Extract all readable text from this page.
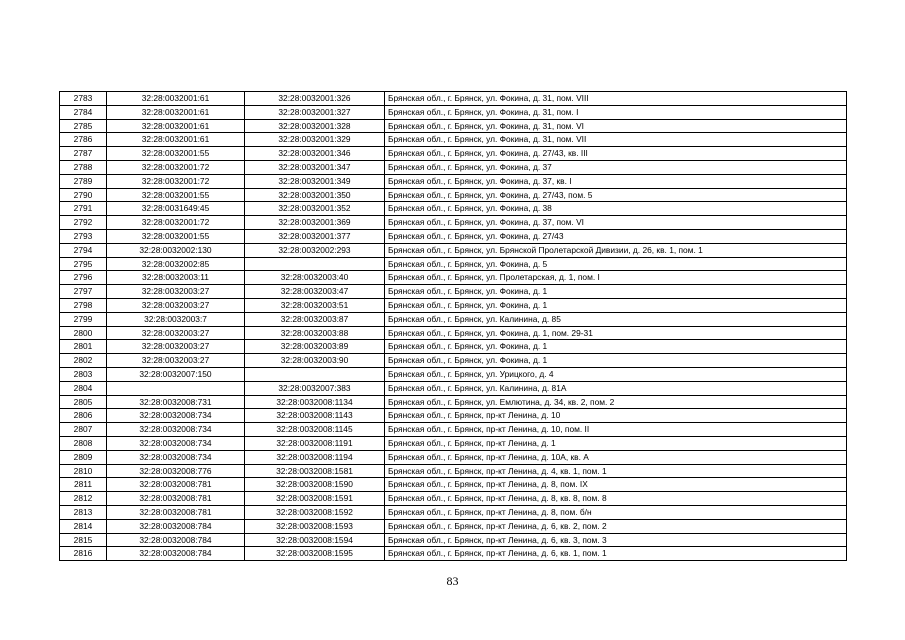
2783	32:28:0032001:61	32:28:0032001:326	Брянская обл., г. Брянск, ул. Фокина, д. 31, пом. VIII
2784	32:28:0032001:61	32:28:0032001:327	Брянская обл., г. Брянск, ул. Фокина, д. 31, пом. I
2785	32:28:0032001:61	32:28:0032001:328	Брянская обл., г. Брянск, ул. Фокина, д. 31, пом. VI
2786	32:28:0032001:61	32:28:0032001:329	Брянская обл., г. Брянск, ул. Фокина, д. 31, пом. VII
2787	32:28:0032001:55	32:28:0032001:346	Брянская обл., г. Брянск, ул. Фокина, д. 27/43, кв. III
2788	32:28:0032001:72	32:28:0032001:347	Брянская обл., г. Брянск, ул. Фокина, д. 37
2789	32:28:0032001:72	32:28:0032001:349	Брянская обл., г. Брянск, ул. Фокина, д. 37, кв. I
2790	32:28:0032001:55	32:28:0032001:350	Брянская обл., г. Брянск, ул. Фокина, д. 27/43, пом. 5
2791	32:28:0031649:45	32:28:0032001:352	Брянская обл., г. Брянск, ул. Фокина, д. 38
2792	32:28:0032001:72	32:28:0032001:369	Брянская обл., г. Брянск, ул. Фокина, д. 37, пом. VI
2793	32:28:0032001:55	32:28:0032001:377	Брянская обл., г. Брянск, ул. Фокина, д. 27/43
2794	32:28:0032002:130	32:28:0032002:293	Брянская обл., г. Брянск, ул. Брянской Пролетарской Дивизии, д. 26, кв. 1, пом. 1
2795	32:28:0032002:85		Брянская обл., г. Брянск, ул. Фокина, д. 5
2796	32:28:0032003:11	32:28:0032003:40	Брянская обл., г. Брянск, ул. Пролетарская, д. 1, пом. I
2797	32:28:0032003:27	32:28:0032003:47	Брянская обл., г. Брянск, ул. Фокина, д. 1
2798	32:28:0032003:27	32:28:0032003:51	Брянская обл., г. Брянск, ул. Фокина, д. 1
2799	32:28:0032003:7	32:28:0032003:87	Брянская обл., г. Брянск, ул. Калинина, д. 85
2800	32:28:0032003:27	32:28:0032003:88	Брянская обл., г. Брянск, ул. Фокина, д. 1, пом. 29-31
2801	32:28:0032003:27	32:28:0032003:89	Брянская обл., г. Брянск, ул. Фокина, д. 1
2802	32:28:0032003:27	32:28:0032003:90	Брянская обл., г. Брянск, ул. Фокина, д. 1
2803	32:28:0032007:150		Брянская обл., г. Брянск, ул. Урицкого, д. 4
2804		32:28:0032007:383	Брянская обл., г. Брянск, ул. Калинина, д. 81А
2805	32:28:0032008:731	32:28:0032008:1134	Брянская обл., г. Брянск, ул. Емлютина, д. 34, кв. 2, пом. 2
2806	32:28:0032008:734	32:28:0032008:1143	Брянская обл., г. Брянск, пр-кт Ленина, д. 10
2807	32:28:0032008:734	32:28:0032008:1145	Брянская обл., г. Брянск, пр-кт Ленина, д. 10, пом. II
2808	32:28:0032008:734	32:28:0032008:1191	Брянская обл., г. Брянск, пр-кт Ленина, д. 1
2809	32:28:0032008:734	32:28:0032008:1194	Брянская обл., г. Брянск, пр-кт Ленина, д. 10А, кв. А
2810	32:28:0032008:776	32:28:0032008:1581	Брянская обл., г. Брянск, пр-кт Ленина, д. 4, кв. 1, пом. 1
2811	32:28:0032008:781	32:28:0032008:1590	Брянская обл., г. Брянск, пр-кт Ленина, д. 8, пом. IX
2812	32:28:0032008:781	32:28:0032008:1591	Брянская обл., г. Брянск, пр-кт Ленина, д. 8, кв. 8, пом. 8
2813	32:28:0032008:781	32:28:0032008:1592	Брянская обл., г. Брянск, пр-кт Ленина, д. 8, пом. б/н
2814	32:28:0032008:784	32:28:0032008:1593	Брянская обл., г. Брянск, пр-кт Ленина, д. 6, кв. 2, пом. 2
2815	32:28:0032008:784	32:28:0032008:1594	Брянская обл., г. Брянск, пр-кт Ленина, д. 6, кв. 3, пом. 3
2816	32:28:0032008:784	32:28:0032008:1595	Брянская обл., г. Брянск, пр-кт Ленина, д. 6, кв. 1, пом. 1
83
